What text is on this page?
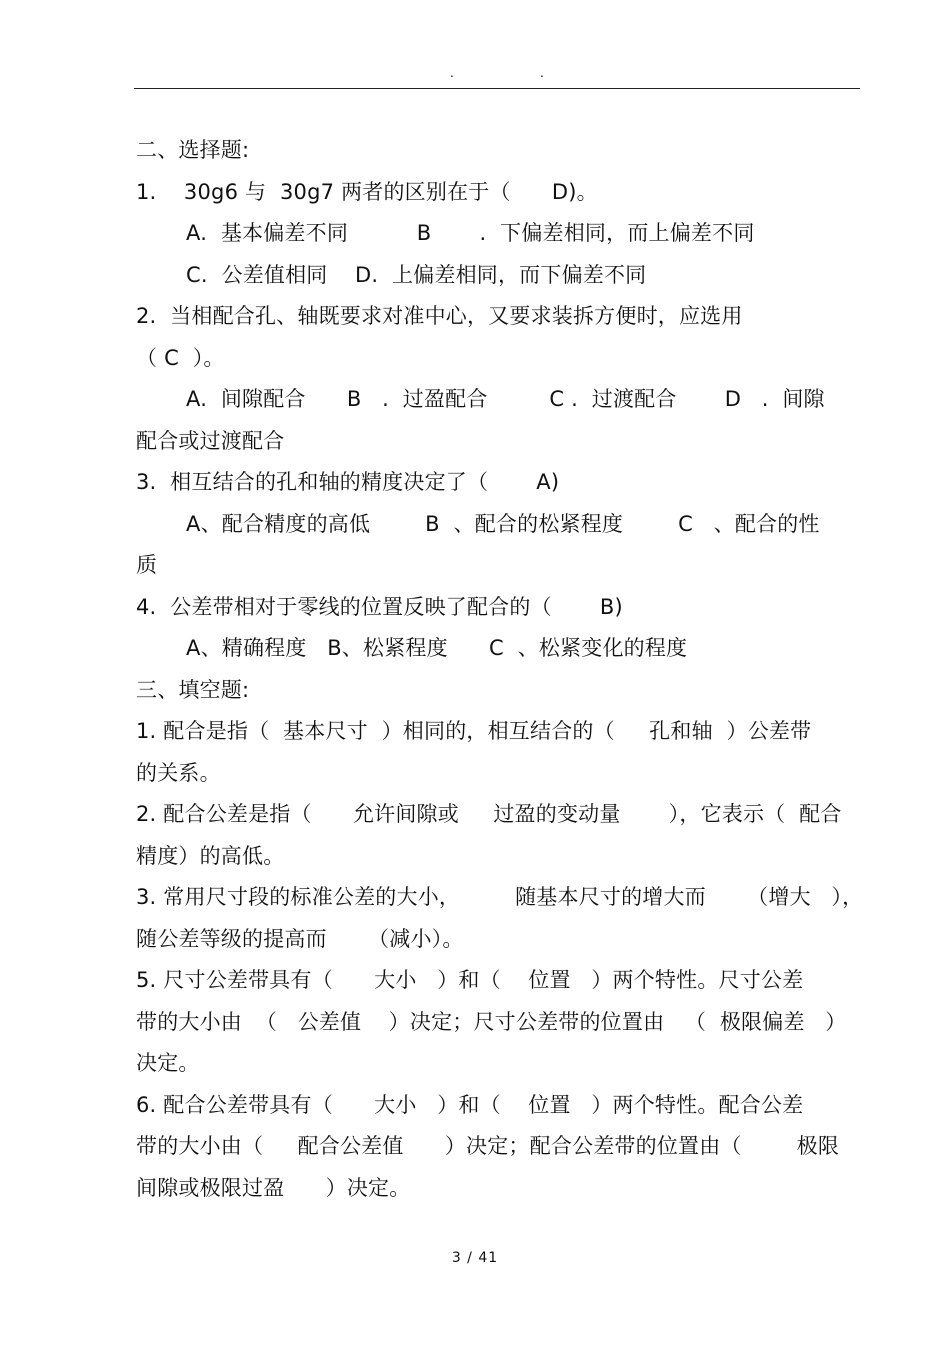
.	.
二、选择题:
1.    30g6 与  30g7 两者的区别在于（      D)。
A.  基本偏差不同          B       .  下偏差相同，而上偏差不同
C.  公差值相同    D.  上偏差相同，而下偏差不同
2.  当相配合孔、轴既要求对准中心，又要求装拆方便时，应选用
（ C  ）。
A.  间隙配合      B   .  过盈配合         C .  过渡配合       D   .  间隙
配合或过渡配合
3.  相互结合的孔和轴的精度决定了（       A)
A、配合精度的高低        B  、配合的松紧程度        C   、配合的性
质
4.  公差带相对于零线的位置反映了配合的（       B)
A、精确程度   B、松紧程度      C  、松紧变化的程度
三、填空题:
1. 配合是指（  基本尺寸  ）相同的，相互结合的（     孔和轴  ）公差带
的关系。
2. 配合公差是指（      允许间隙或     过盈的变动量       ），它表示（  配合
精度）的高低。
3. 常用尺寸段的标准公差的大小，        随基本尺寸的增大而      （增大   ），
随公差等级的提高而      （减小）。
5. 尺寸公差带具有（      大小   ）和（    位置   ）两个特性。尺寸公差
带的大小由  （   公差值    ）决定；尺寸公差带的位置由   （  极限偏差   ）
决定。
6. 配合公差带具有（      大小   ）和（    位置   ）两个特性。配合公差
带的大小由（     配合公差值      ）决定；配合公差带的位置由（        极限
间隙或极限过盈      ）决定。
3 / 41
